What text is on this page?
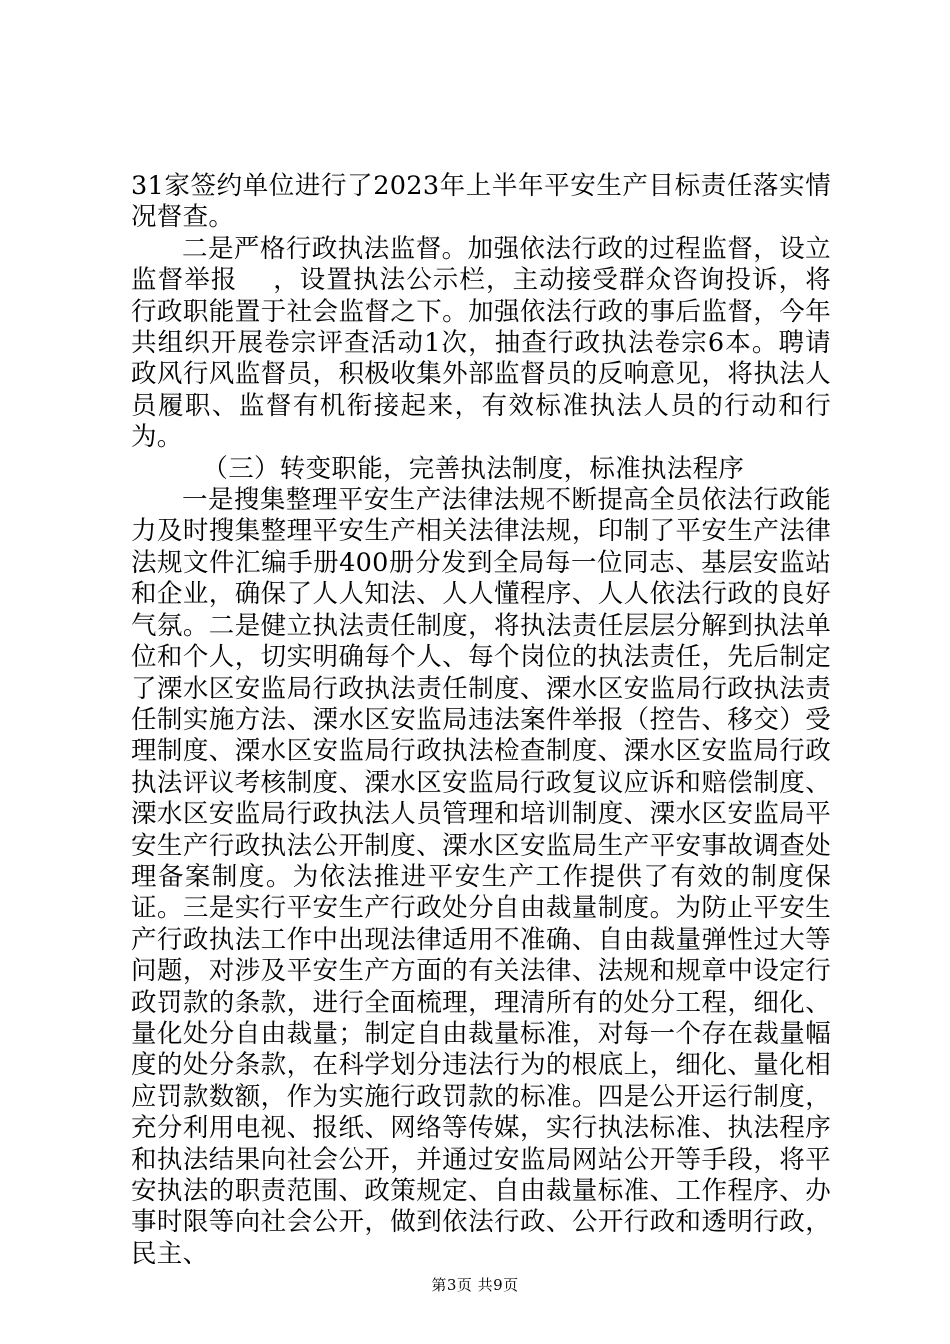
31家签约单位进行了2023年上半年平安生产目标责任落实情况督查。

二是严格行政执法监督。加强依法行政的过程监督，设立监督举报　 ，设置执法公示栏，主动接受群众咨询投诉，将行政职能置于社会监督之下。加强依法行政的事后监督，今年共组织开展卷宗评查活动1次，抽查行政执法卷宗6本。聘请政风行风监督员，积极收集外部监督员的反响意见，将执法人员履职、监督有机衔接起来，有效标准执法人员的行动和行为。

（三）转变职能，完善执法制度，标准执法程序

一是搜集整理平安生产法律法规不断提高全员依法行政能力及时搜集整理平安生产相关法律法规，印制了平安生产法律法规文件汇编手册400册分发到全局每一位同志、基层安监站和企业，确保了人人知法、人人懂程序、人人依法行政的良好气氛。二是健立执法责任制度，将执法责任层层分解到执法单位和个人，切实明确每个人、每个岗位的执法责任，先后制定了溧水区安监局行政执法责任制度、溧水区安监局行政执法责任制实施方法、溧水区安监局违法案件举报（控告、移交）受理制度、溧水区安监局行政执法检查制度、溧水区安监局行政执法评议考核制度、溧水区安监局行政复议应诉和赔偿制度、溧水区安监局行政执法人员管理和培训制度、溧水区安监局平安生产行政执法公开制度、溧水区安监局生产平安事故调查处理备案制度。为依法推进平安生产工作提供了有效的制度保证。三是实行平安生产行政处分自由裁量制度。为防止平安生产行政执法工作中出现法律适用不准确、自由裁量弹性过大等问题，对涉及平安生产方面的有关法律、法规和规章中设定行政罚款的条款，进行全面梳理，理清所有的处分工程，细化、量化处分自由裁量；制定自由裁量标准，对每一个存在裁量幅度的处分条款，在科学划分违法行为的根底上，细化、量化相应罚款数额，作为实施行政罚款的标准。四是公开运行制度，充分利用电视、报纸、网络等传媒，实行执法标准、执法程序和执法结果向社会公开，并通过安监局网站公开等手段，将平安执法的职责范围、政策规定、自由裁量标准、工作程序、办事时限等向社会公开，做到依法行政、公开行政和透明行政，民主、

第3页 共9页
